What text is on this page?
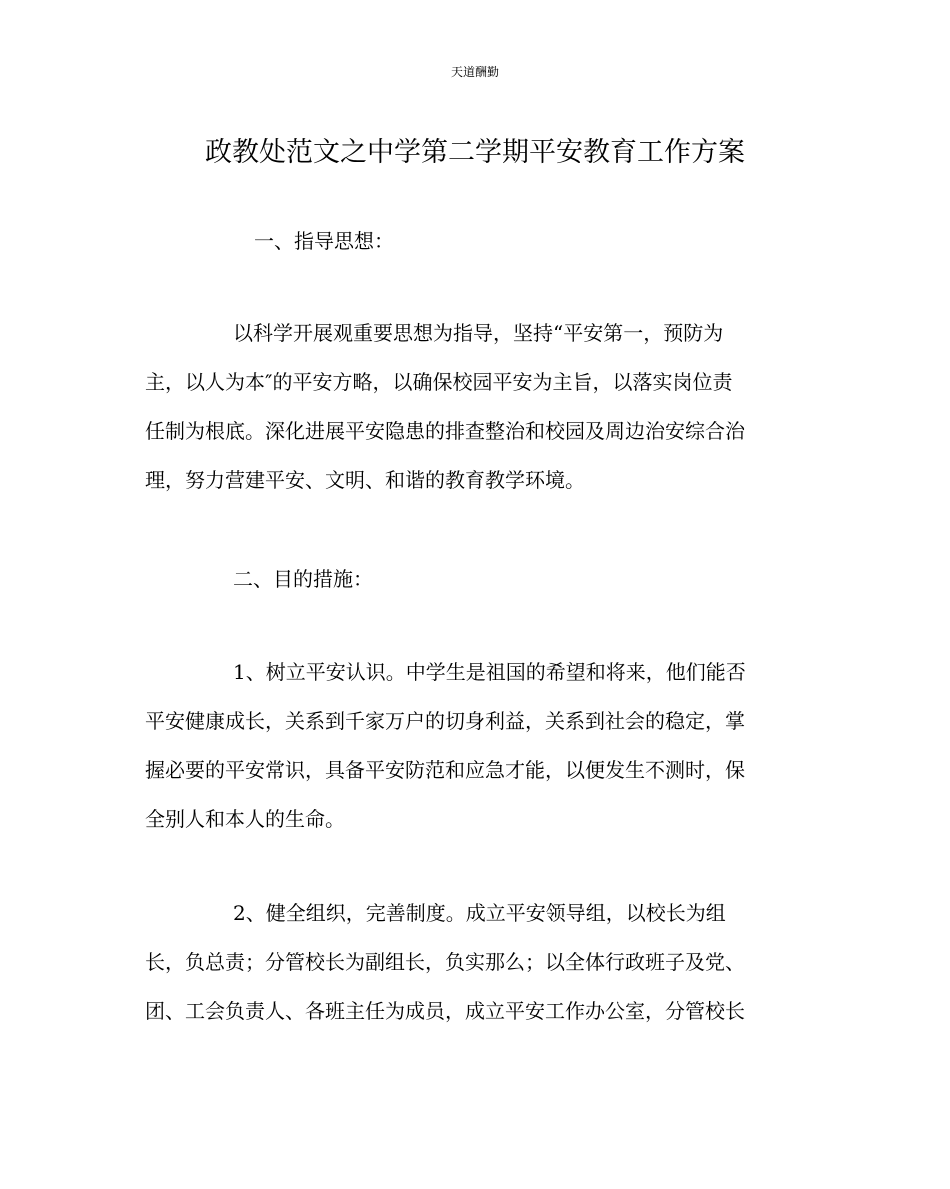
天道酬勤
政教处范文之中学第二学期平安教育工作方案
一、指导思想：
以科学开展观重要思想为指导，坚持“平安第一，预防为
主，以人为本″的平安方略，以确保校园平安为主旨，以落实岗位责
任制为根底。深化进展平安隐患的排查整治和校园及周边治安综合治
理，努力营建平安、文明、和谐的教育教学环境。
二、目的措施：
1、树立平安认识。中学生是祖国的希望和将来，他们能否
平安健康成长，关系到千家万户的切身利益，关系到社会的稳定，掌
握必要的平安常识，具备平安防范和应急才能，以便发生不测时，保
全别人和本人的生命。
2、健全组织，完善制度。成立平安领导组，以校长为组
长，负总责；分管校长为副组长，负实那么；以全体行政班子及党、
团、工会负责人、各班主任为成员，成立平安工作办公室，分管校长
